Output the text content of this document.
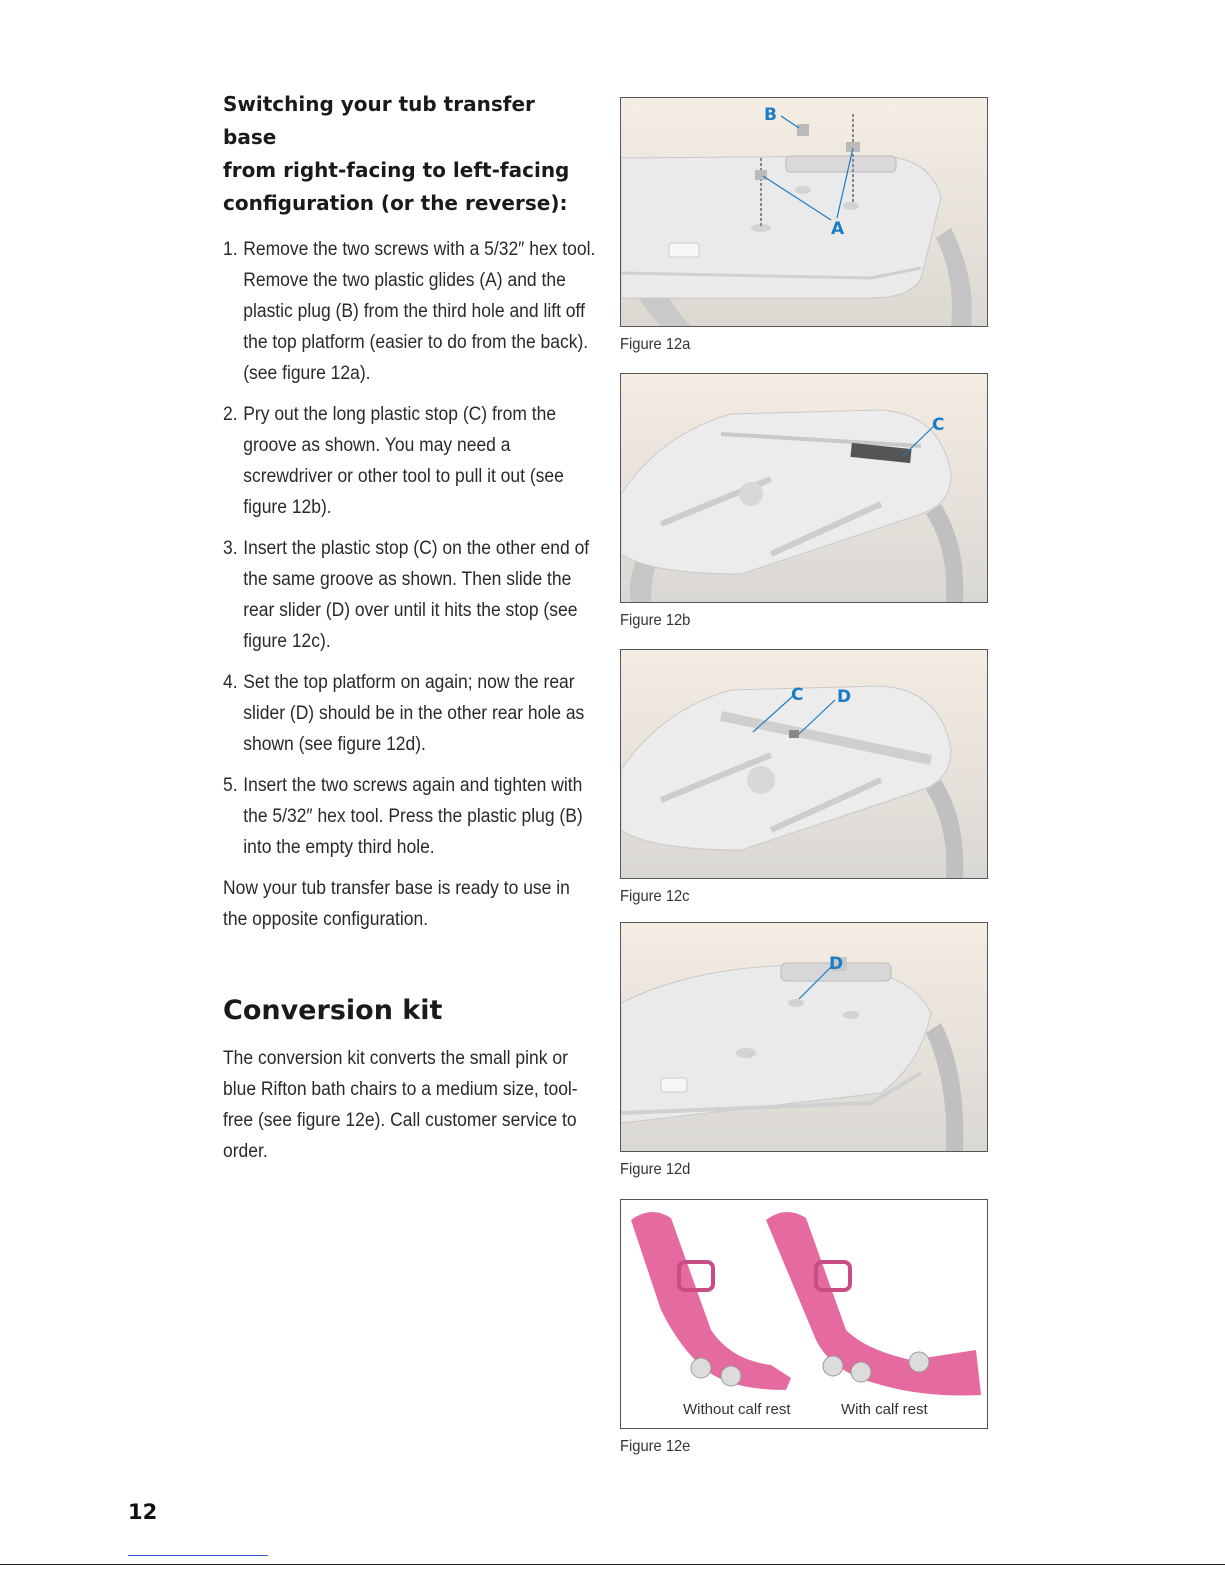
Switching your tub transfer base
from right-facing to left-facing
configuration (or the reverse):
1. Remove the two screws with a 5/32″ hex tool. Remove the two plastic glides (A) and the plastic plug (B) from the third hole and lift off the top platform (easier to do from the back). (see figure 12a).
2. Pry out the long plastic stop (C) from the groove as shown. You may need a screwdriver or other tool to pull it out (see figure 12b).
3. Insert the plastic stop (C) on the other end of the same groove as shown. Then slide the rear slider (D) over until it hits the stop (see figure 12c).
4. Set the top platform on again; now the rear slider (D) should be in the other rear hole as shown (see figure 12d).
5. Insert the two screws again and tighten with the 5/32″ hex tool. Press the plastic plug (B) into the empty third hole.

Now your tub transfer base is ready to use in the opposite configuration.

Conversion kit

The conversion kit converts the small pink or blue Rifton bath chairs to a medium size, tool-free (see figure 12e). Call customer service to order.

B
A
Figure 12a
C
Figure 12b
C D
Figure 12c
D
Figure 12d
Without calf rest	With calf rest
Figure 12e
12
